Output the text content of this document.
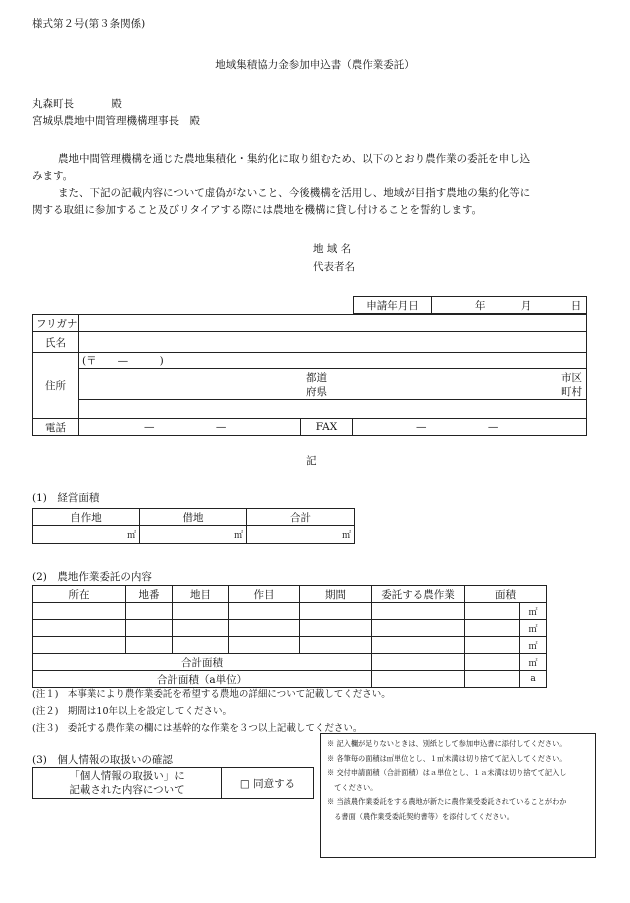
様式第２号(第３条関係)
地域集積協力金参加申込書（農作業委託）
丸森町長	殿
宮城県農地中間管理機構理事長　殿
農地中間管理機構を通じた農地集積化・集約化に取り組むため、以下のとおり農作業の委託を申し込
みます。
また、下記の記載内容について虚偽がないこと、今後機構を活用し、地域が目指す農地の集約化等に
関する取組に参加すること及びリタイアする際には農地を機構に貸し付けることを誓約します。
地 域 名
代表者名
申請年月日	年	月	日
フリガナ			
氏名			
住所	(〒　　—　　　)		

	都道
府県
市区
町村		

電話	— —	FAX	— —
記
(1)　経営面積
自作地	借地	合計
㎡	㎡	㎡
(2)　農地作業委託の内容
所在	地番	地目	作目	期間	委託する農作業	面積	
							㎡
							㎡
							㎡
合計面積							㎡
合計面積（a単位）							a
(注１)　本事業により農作業委託を希望する農地の詳細について記載してください。
(注２)　期間は10年以上を設定してください。
(注３)　委託する農作業の欄には基幹的な作業を３つ以上記載してください。
(3)　個人情報の取扱いの確認
「個人情報の取扱い」に
記載された内容について
	□ 同意する
※ 記入欄が足りないときは、別紙として参加申込書に添付してください。
※ 各筆毎の面積は㎡単位とし、１㎡未満は切り捨てて記入してください。
※ 交付申請面積（合計面積）はａ単位とし、１ａ未満は切り捨てて記入し
　てください。
※ 当該農作業委託をする農地が新たに農作業受委託されていることがわか
　る書面（農作業受委託契約書等）を添付してください。
